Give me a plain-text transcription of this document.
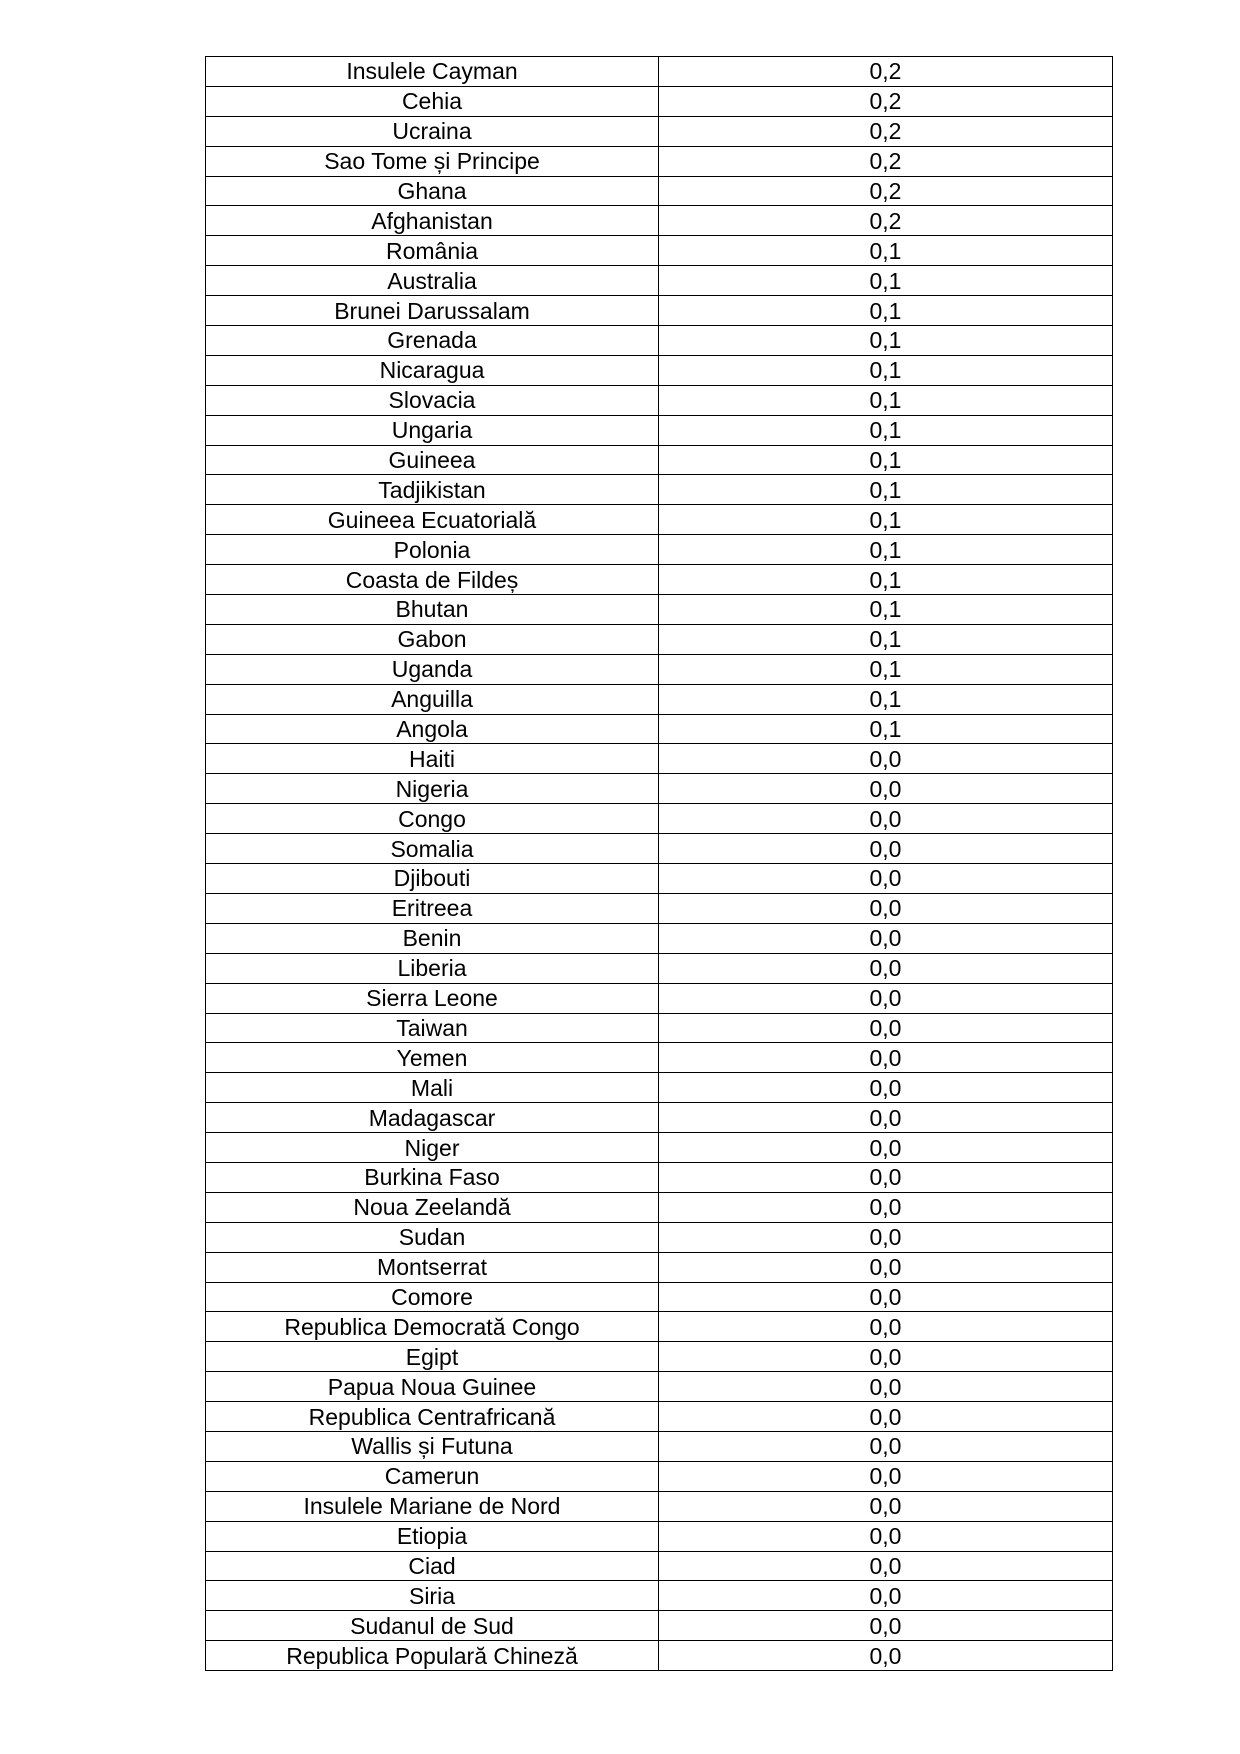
Insulele Cayman	0,2
Cehia	0,2
Ucraina	0,2
Sao Tome și Principe	0,2
Ghana	0,2
Afghanistan	0,2
România	0,1
Australia	0,1
Brunei Darussalam	0,1
Grenada	0,1
Nicaragua	0,1
Slovacia	0,1
Ungaria	0,1
Guineea	0,1
Tadjikistan	0,1
Guineea Ecuatorială	0,1
Polonia	0,1
Coasta de Fildeș	0,1
Bhutan	0,1
Gabon	0,1
Uganda	0,1
Anguilla	0,1
Angola	0,1
Haiti	0,0
Nigeria	0,0
Congo	0,0
Somalia	0,0
Djibouti	0,0
Eritreea	0,0
Benin	0,0
Liberia	0,0
Sierra Leone	0,0
Taiwan	0,0
Yemen	0,0
Mali	0,0
Madagascar	0,0
Niger	0,0
Burkina Faso	0,0
Noua Zeelandă	0,0
Sudan	0,0
Montserrat	0,0
Comore	0,0
Republica Democrată Congo	0,0
Egipt	0,0
Papua Noua Guinee	0,0
Republica Centrafricană	0,0
Wallis și Futuna	0,0
Camerun	0,0
Insulele Mariane de Nord	0,0
Etiopia	0,0
Ciad	0,0
Siria	0,0
Sudanul de Sud	0,0
Republica Populară Chineză	0,0
